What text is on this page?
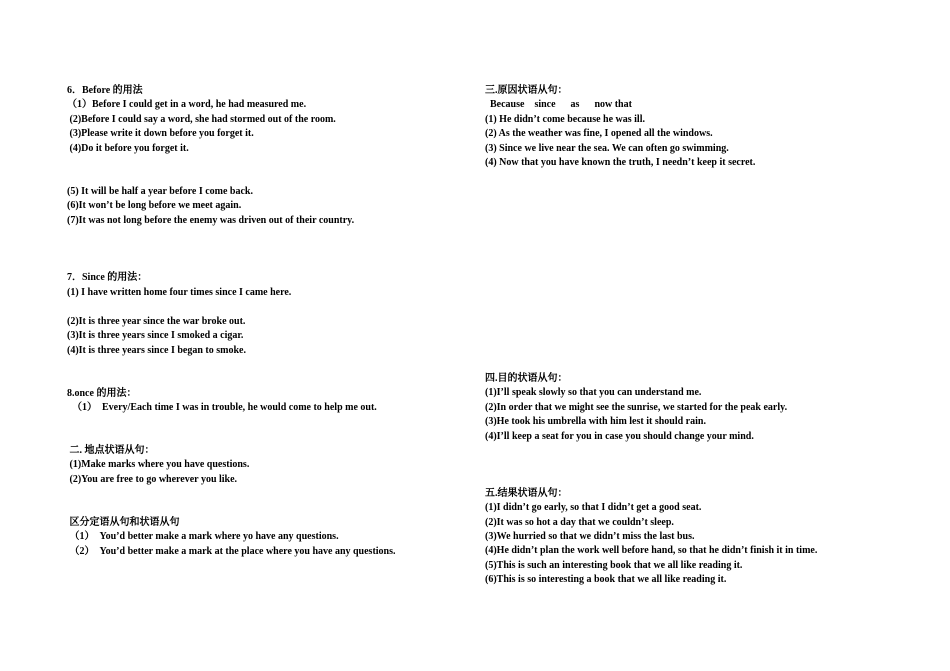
6．Before 的用法
（1）Before I could get in a word, he had measured me.
(2)Before I could say a word, she had stormed out of the room.
(3)Please write it down before you forget it.
(4)Do it before you forget it.
(5) It will be half a year before I come back.
(6)It won’t be long before we meet again.
(7)It was not long before the enemy was driven out of their country.
7．Since 的用法：
(1) I have written home four times since I came here.
(2)It is three year since the war broke out.
(3)It is three years since I smoked a cigar.
(4)It is three years since I began to smoke.
8.once 的用法：
（1）  Every/Each time I was in trouble, he would come to help me out.
二. 地点状语从句：
(1)Make marks where you have questions.
(2)You are free to go wherever you like.
区分定语从句和状语从句
（1）  You’d better make a mark where yo have any questions.
（2）  You’d better make a mark at the place where you have any questions.
三.原因状语从句：
Because    since      as      now that
(1) He didn’t come because he was ill.
(2) As the weather was fine, I opened all the windows.
(3) Since we live near the sea. We can often go swimming.
(4) Now that you have known the truth, I needn’t keep it secret.
四.目的状语从句：
(1)I’ll speak slowly so that you can understand me.
(2)In order that we might see the sunrise, we started for the peak early.
(3)He took his umbrella with him lest it should rain.
(4)I’ll keep a seat for you in case you should change your mind.
五.结果状语从句：
(1)I didn’t go early, so that I didn’t get a good seat.
(2)It was so hot a day that we couldn’t sleep.
(3)We hurried so that we didn’t miss the last bus.
(4)He didn’t plan the work well before hand, so that he didn’t finish it in time.
(5)This is such an interesting book that we all like reading it.
(6)This is so interesting a book that we all like reading it.
